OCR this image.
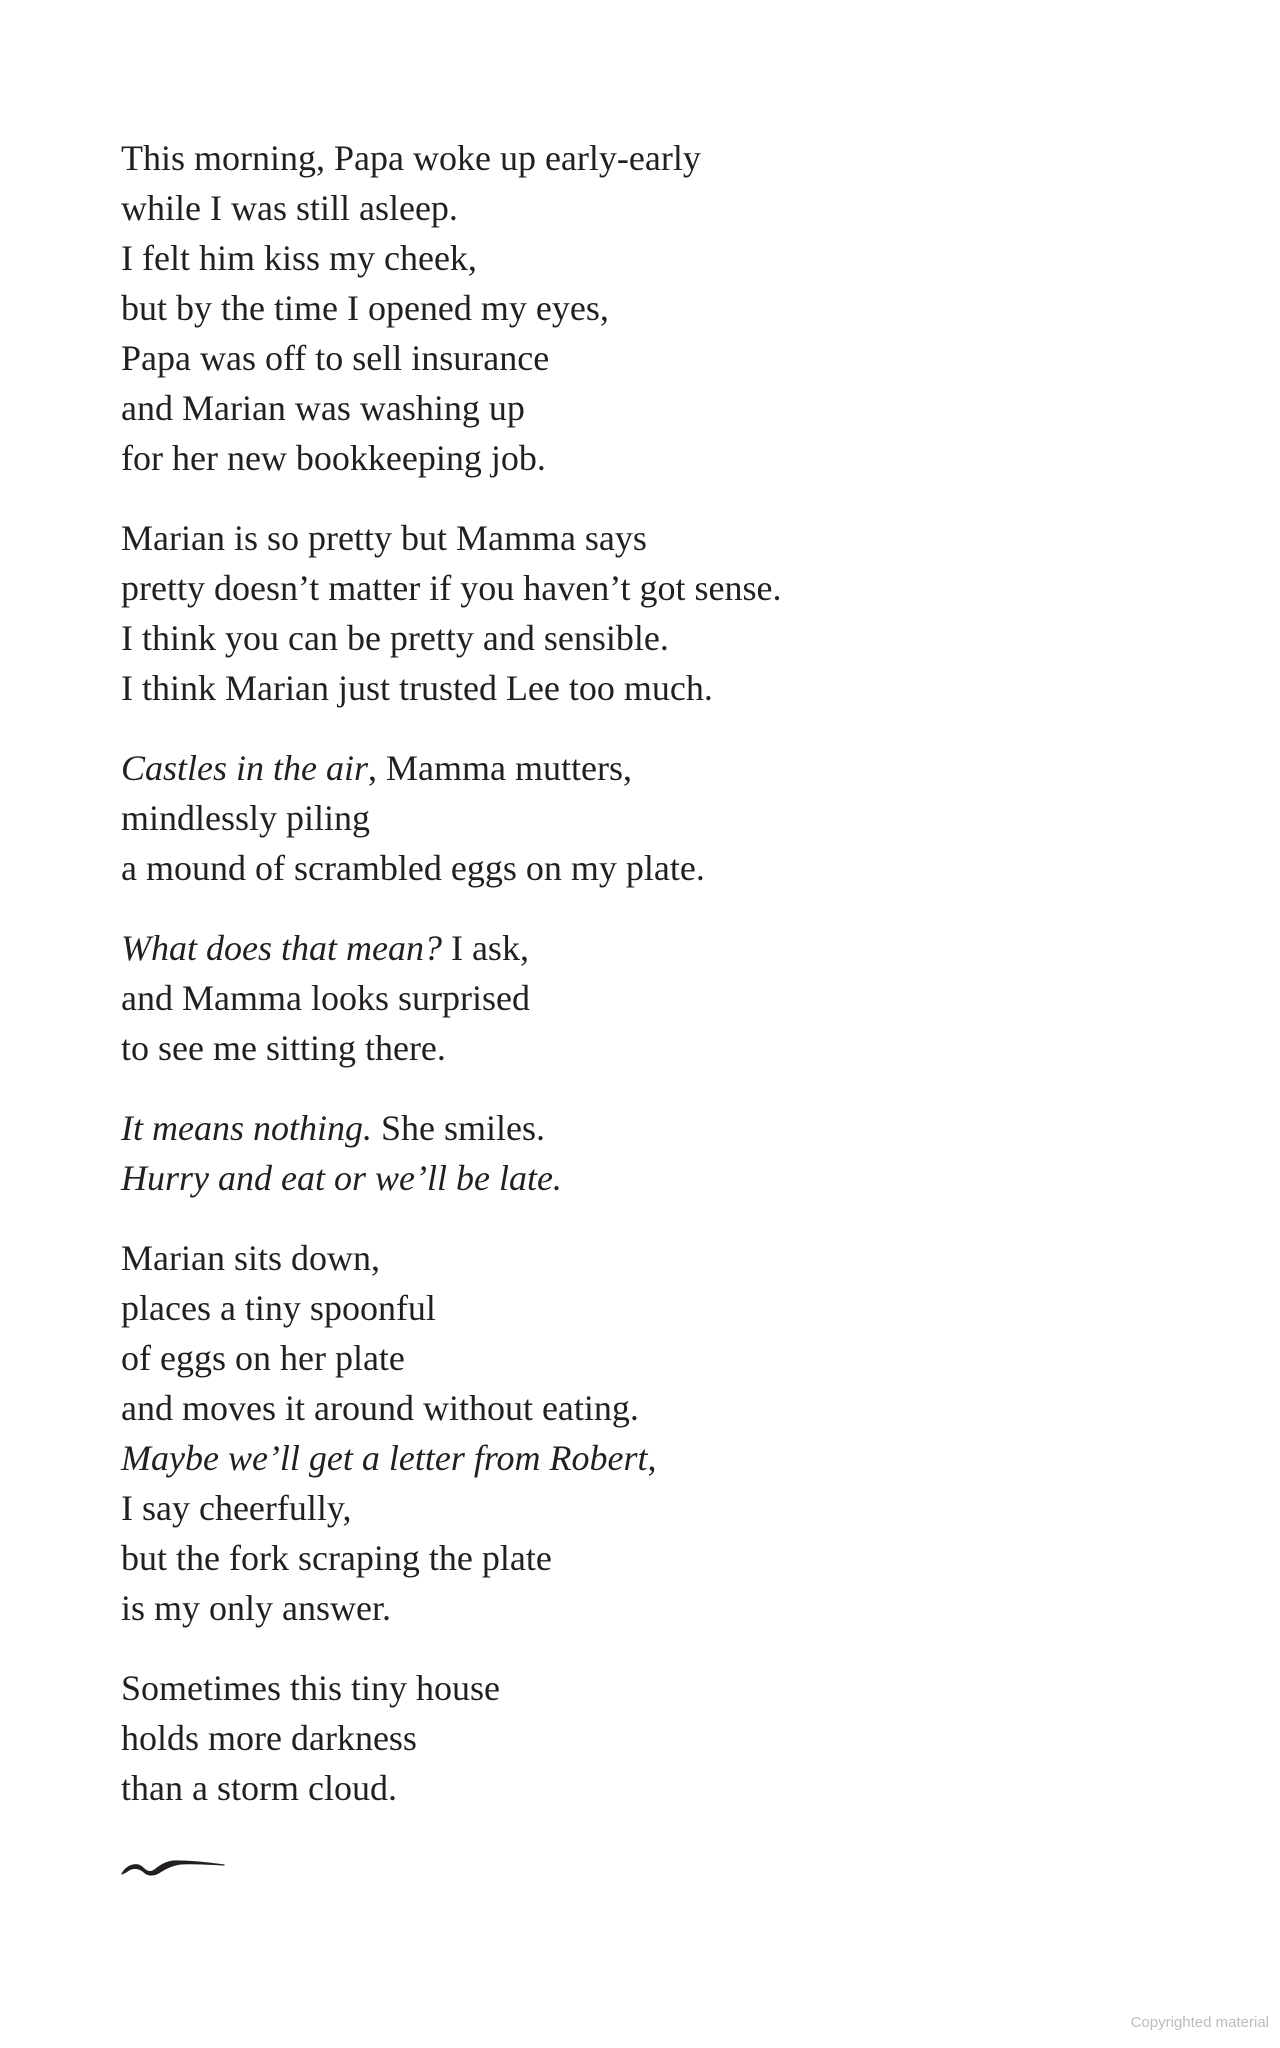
This morning, Papa woke up early-early
while I was still asleep.
I felt him kiss my cheek,
but by the time I opened my eyes,
Papa was off to sell insurance
and Marian was washing up
for her new bookkeeping job.
Marian is so pretty but Mamma says
pretty doesn’t matter if you haven’t got sense.
I think you can be pretty and sensible.
I think Marian just trusted Lee too much.
Castles in the air, Mamma mutters,
mindlessly piling
a mound of scrambled eggs on my plate.
What does that mean? I ask,
and Mamma looks surprised
to see me sitting there.
It means nothing. She smiles.
Hurry and eat or we’ll be late.
Marian sits down,
places a tiny spoonful
of eggs on her plate
and moves it around without eating.
Maybe we’ll get a letter from Robert,
I say cheerfully,
but the fork scraping the plate
is my only answer.
Sometimes this tiny house
holds more darkness
than a storm cloud.
Copyrighted material
